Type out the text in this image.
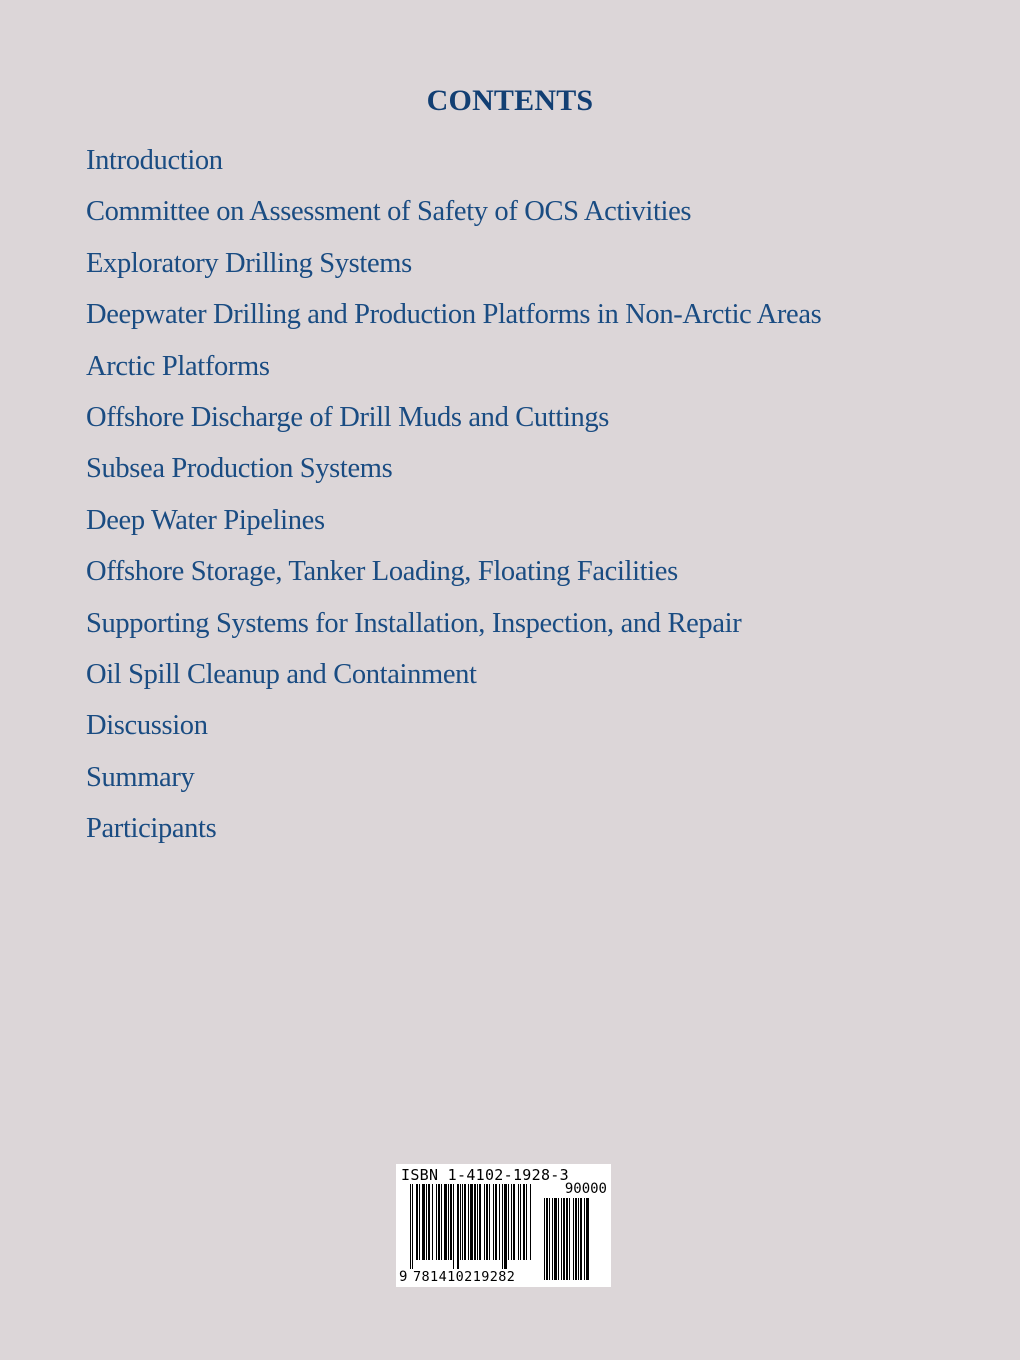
CONTENTS
Introduction
Committee on Assessment of Safety of OCS Activities
Exploratory Drilling Systems
Deepwater Drilling and Production Platforms in Non-Arctic Areas
Arctic Platforms
Offshore Discharge of Drill Muds and Cuttings
Subsea Production Systems
Deep Water Pipelines
Offshore Storage, Tanker Loading, Floating Facilities
Supporting Systems for Installation, Inspection, and Repair
Oil Spill Cleanup and Containment
Discussion
Summary
Participants
ISBN 1-4102-1928-3
90000
9 781410219282
